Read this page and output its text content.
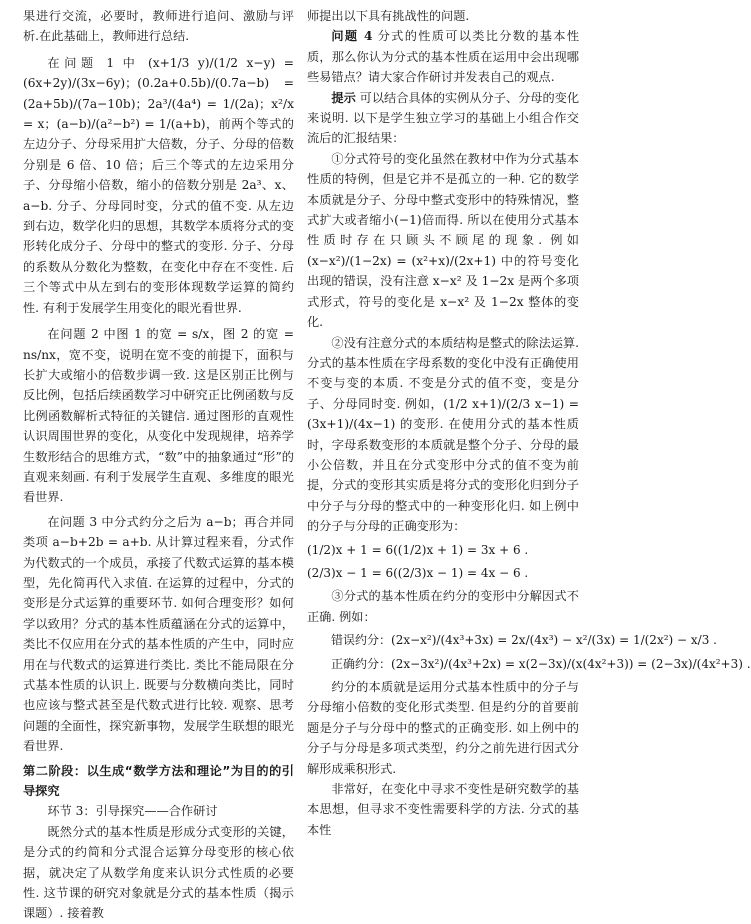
果进行交流，必要时，教师进行追问、激励与评析.在此基础上，教师进行总结.

在问题 1 中 (x+1/3 y)/(1/2 x−y) = (6x+2y)/(3x−6y)；(0.2a+0.5b)/(0.7a−b) = (2a+5b)/(7a−10b)；2a³/(4a⁴) = 1/(2a)；x²/x = x；(a−b)/(a²−b²) = 1/(a+b)，前两个等式的左边分子、分母采用扩大倍数，分子、分母的倍数分别是 6 倍、10 倍；后三个等式的左边采用分子、分母缩小倍数，缩小的倍数分别是 2a³、x、a−b. 分子、分母同时变，分式的值不变. 从左边到右边，数学化归的思想，其数学本质将分式的变形转化成分子、分母中的整式的变形. 分子、分母的系数从分数化为整数，在变化中存在不变性. 后三个等式中从左到右的变形体现数学运算的简约性. 有利于发展学生用变化的眼光看世界.

在问题 2 中图 1 的宽 = s/x，图 2 的宽 = ns/nx，宽不变，说明在宽不变的前提下，面积与长扩大或缩小的倍数步调一致. 这是区别正比例与反比例，包括后续函数学习中研究正比例函数与反比例函数解析式特征的关键信. 通过图形的直观性认识周围世界的变化，从变化中发现规律，培养学生数形结合的思维方式，“数”中的抽象通过“形”的直观来刻画. 有利于发展学生直观、多维度的眼光看世界.

在问题 3 中分式约分之后为 a−b；再合并同类项 a−b+2b = a+b. 从计算过程来看，分式作为代数式的一个成员，承接了代数式运算的基本模型，先化简再代入求值. 在运算的过程中，分式的变形是分式运算的重要环节. 如何合理变形？如何学以致用？分式的基本性质蕴涵在分式的运算中，类比不仅应用在分式的基本性质的产生中，同时应用在与代数式的运算进行类比. 类比不能局限在分式基本性质的认识上. 既要与分数横向类比，同时也应该与整式甚至是代数式进行比较. 观察、思考问题的全面性，探究新事物，发展学生联想的眼光看世界.

第二阶段：以生成“数学方法和理论”为目的的引导探究

环节 3：引导探究——合作研讨

既然分式的基本性质是形成分式变形的关键，是分式的约简和分式混合运算分母变形的核心依据，就决定了从数学角度来认识分式性质的必要性. 这节课的研究对象就是分式的基本性质（揭示课题）. 接着教

师提出以下具有挑战性的问题.

问题 4 分式的性质可以类比分数的基本性质，那么你认为分式的基本性质在运用中会出现哪些易错点？请大家合作研讨并发表自己的观点.

提示 可以结合具体的实例从分子、分母的变化来说明. 以下是学生独立学习的基础上小组合作交流后的汇报结果：

①分式符号的变化虽然在教材中作为分式基本性质的特例，但是它并不是孤立的一种. 它的数学本质就是分子、分母中整式变形中的特殊情况，整式扩大或者缩小(−1)倍而得. 所以在使用分式基本性质时存在只顾头不顾尾的现象. 例如 (x−x²)/(1−2x) = (x²+x)/(2x+1) 中的符号变化出现的错误，没有注意 x−x² 及 1−2x 是两个多项式形式，符号的变化是 x−x² 及 1−2x 整体的变化.

②没有注意分式的本质结构是整式的除法运算. 分式的基本性质在字母系数的变化中没有正确使用不变与变的本质. 不变是分式的值不变，变是分子、分母同时变. 例如，(1/2 x+1)/(2/3 x−1) = (3x+1)/(4x−1) 的变形. 在使用分式的基本性质时，字母系数变形的本质就是整个分子、分母的最小公倍数，并且在分式变形中分式的值不变为前提，分式的变形其实质是将分式的变形化归到分子中分子与分母的整式中的一种变形化归. 如上例中的分子与分母的正确变形为：

(1/2)x + 1 = 6((1/2)x + 1) = 3x + 6 .

(2/3)x − 1 = 6((2/3)x − 1) = 4x − 6 .

③分式的基本性质在约分的变形中分解因式不正确. 例如：

错误约分：(2x−x²)/(4x³+3x) = 2x/(4x³) − x²/(3x) = 1/(2x²) − x/3 .

正确约分：(2x−3x²)/(4x³+2x) = x(2−3x)/(x(4x²+3)) = (2−3x)/(4x²+3) .

约分的本质就是运用分式基本性质中的分子与分母缩小倍数的变化形式类型. 但是约分的首要前题是分子与分母中的整式的正确变形. 如上例中的分子与分母是多项式类型，约分之前先进行因式分解形成乘积形式.

非常好，在变化中寻求不变性是研究数学的基本思想，但寻求不变性需要科学的方法. 分式的基本性
